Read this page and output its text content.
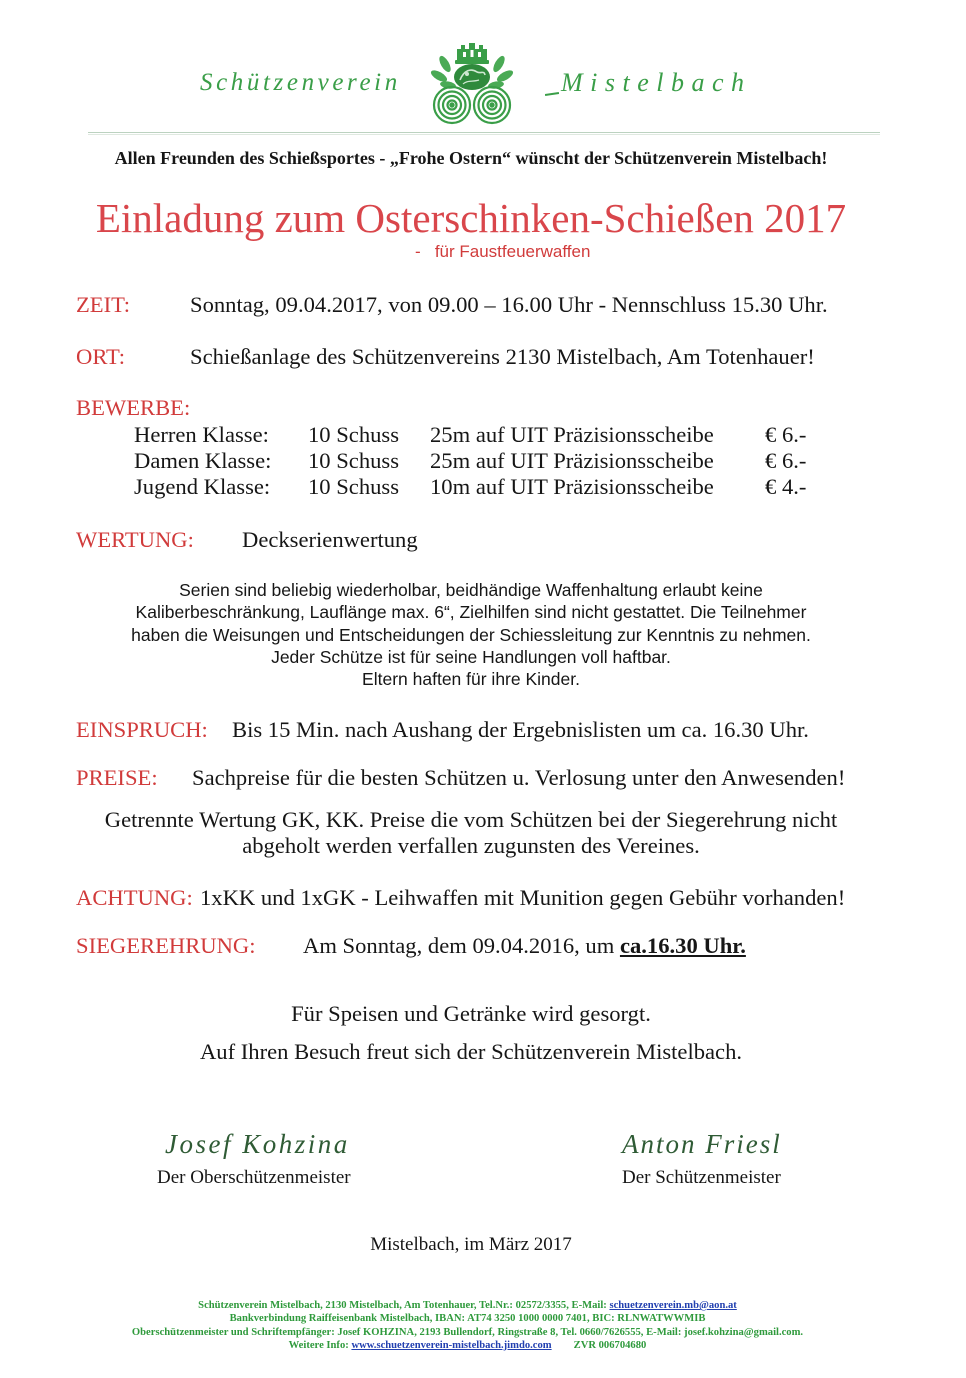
Schützenverein	Mistelbach
Allen Freunden des Schießsportes - „Frohe Ostern“ wünscht der Schützenverein Mistelbach!
Einladung zum Osterschinken-Schießen 2017
-   für Faustfeuerwaffen
ZEIT:	Sonntag, 09.04.2017, von 09.00 – 16.00 Uhr - Nennschluss 15.30 Uhr.
ORT:	Schießanlage des Schützenvereins 2130 Mistelbach, Am Totenhauer!
BEWERBE:
Herren Klasse: 10 Schuss 25m auf UIT Präzisionsscheibe € 6.-
Damen Klasse: 10 Schuss 25m auf UIT Präzisionsscheibe € 6.-
Jugend Klasse: 10 Schuss 10m auf UIT Präzisionsscheibe € 4.-
WERTUNG: Deckserienwertung
Serien sind beliebig wiederholbar, beidhändige Waffenhaltung erlaubt keine
Kaliberbeschränkung, Lauflänge max. 6“, Zielhilfen sind nicht gestattet. Die Teilnehmer
haben die Weisungen und Entscheidungen der Schiessleitung zur Kenntnis zu nehmen.
Jeder Schütze ist für seine Handlungen voll haftbar.
Eltern haften für ihre Kinder.
EINSPRUCH: Bis 15 Min. nach Aushang der Ergebnislisten um ca. 16.30 Uhr.
PREISE: Sachpreise für die besten Schützen u. Verlosung unter den Anwesenden!
Getrennte Wertung GK, KK. Preise die vom Schützen bei der Siegerehrung nicht
abgeholt werden verfallen zugunsten des Vereines.
ACHTUNG: 1xKK und 1xGK - Leihwaffen mit Munition gegen Gebühr vorhanden!
SIEGEREHRUNG: Am Sonntag, dem 09.04.2016, um ca.16.30 Uhr.
Für Speisen und Getränke wird gesorgt.
Auf Ihren Besuch freut sich der Schützenverein Mistelbach.
Josef Kohzina
Der Oberschützenmeister
Anton Friesl
Der Schützenmeister
Mistelbach, im März 2017
Schützenverein Mistelbach, 2130 Mistelbach, Am Totenhauer, Tel.Nr.: 02572/3355, E-Mail: schuetzenverein.mb@aon.at
Bankverbindung Raiffeisenbank Mistelbach, IBAN: AT74 3250 1000 0000 7401, BIC: RLNWATWWMIB
Oberschützenmeister und Schriftempfänger: Josef KOHZINA, 2193 Bullendorf, Ringstraße 8, Tel. 0660/7626555, E-Mail: josef.kohzina@gmail.com.
Weitere Info: www.schuetzenverein-mistelbach.jimdo.com ZVR 006704680
